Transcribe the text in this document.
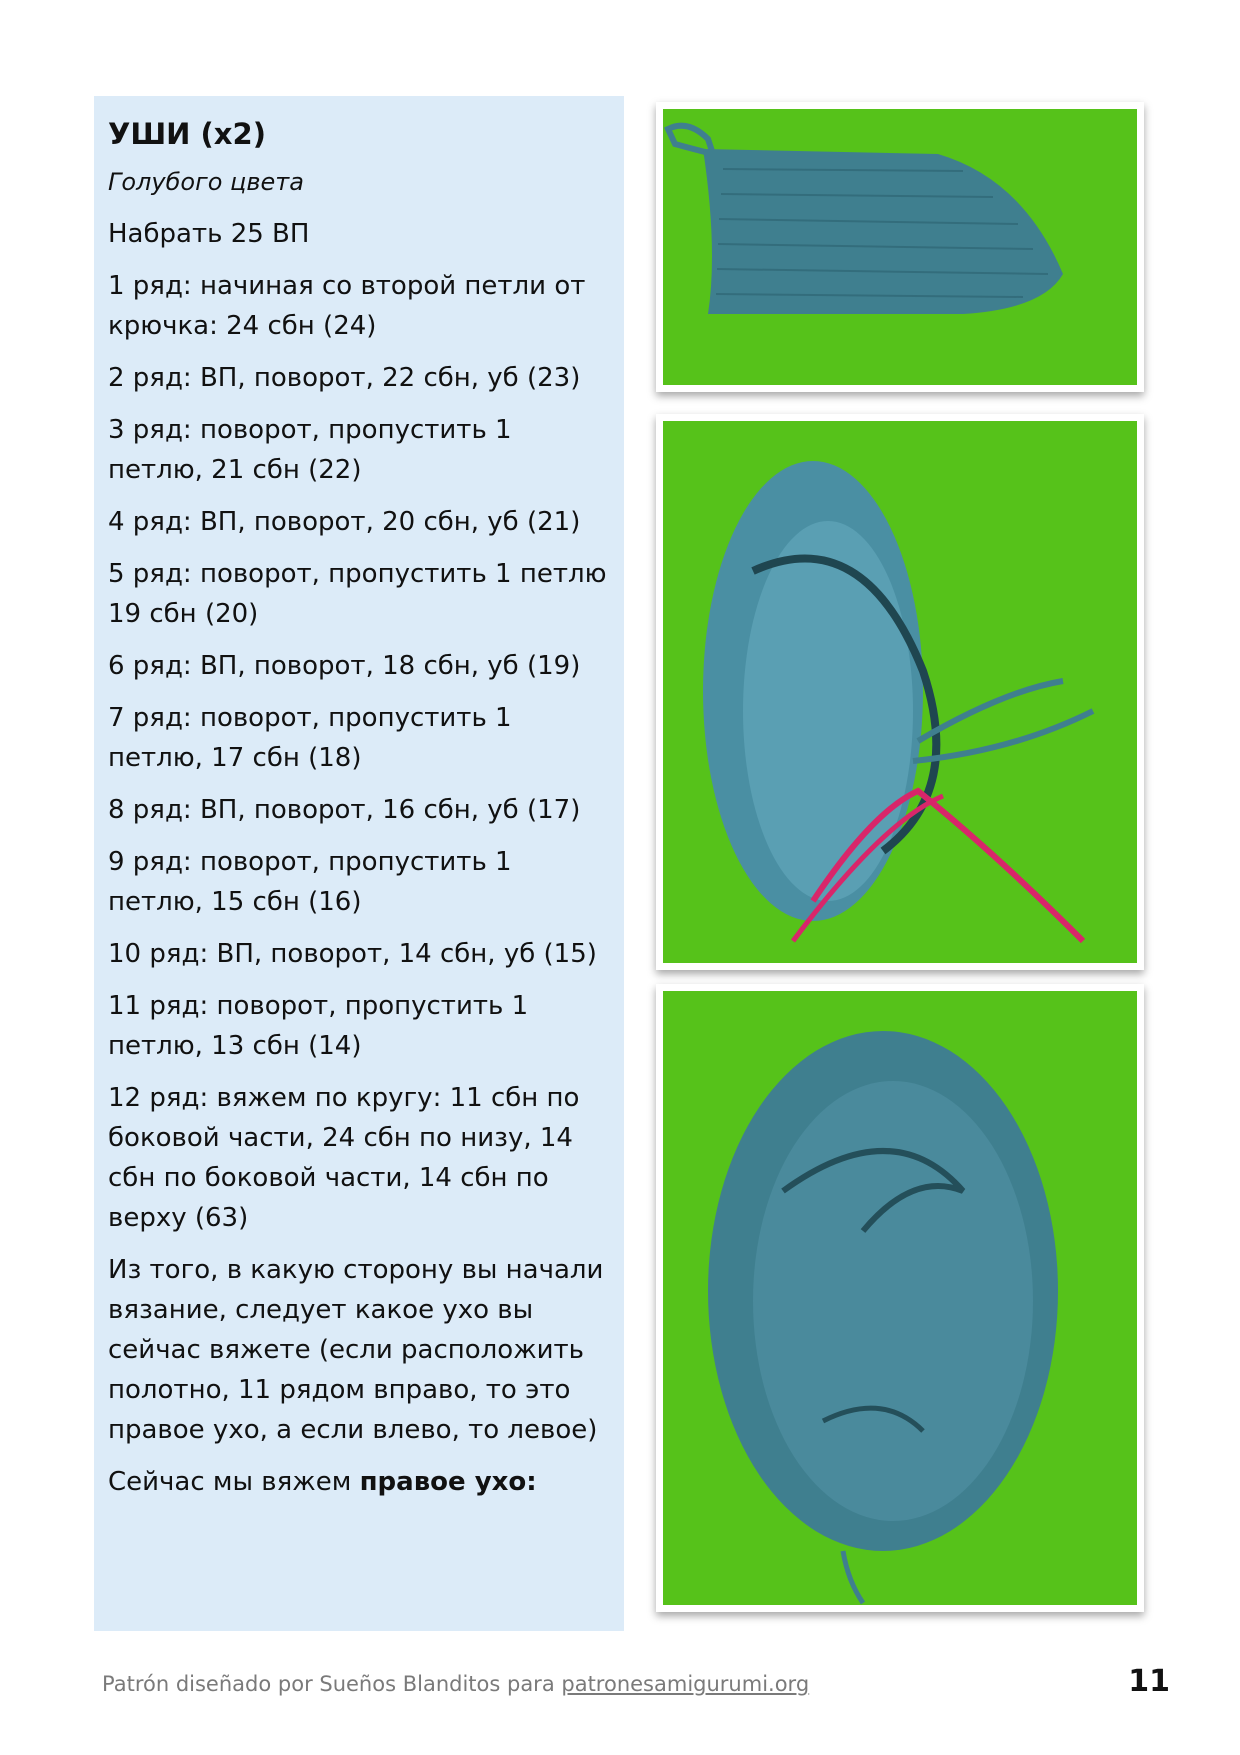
УШИ (x2)
Голубого цвета
Набрать 25 ВП
1 ряд: начиная со второй петли от крючка: 24 сбн (24)
2 ряд: ВП, поворот, 22 сбн, уб (23)
3 ряд: поворот, пропустить 1 петлю, 21 сбн (22)
4 ряд: ВП, поворот, 20 сбн, уб (21)
5 ряд: поворот, пропустить 1 петлю 19 сбн (20)
6 ряд: ВП, поворот, 18 сбн, уб (19)
7 ряд: поворот, пропустить 1 петлю, 17 сбн (18)
8 ряд: ВП, поворот, 16 сбн, уб (17)
9 ряд: поворот, пропустить 1 петлю, 15 сбн (16)
10 ряд: ВП, поворот, 14 сбн, уб (15)
11 ряд: поворот, пропустить 1 петлю, 13 сбн (14)
12 ряд: вяжем по кругу: 11 сбн по боковой части, 24 сбн по низу, 14 сбн по боковой части, 14 сбн по верху (63)
Из того, в какую сторону вы начали вязание, следует какое ухо вы сейчас вяжете (если расположить полотно, 11 рядом вправо, то это правое ухо, а если влево, то левое)
Сейчас мы вяжем правое ухо:
Patrón diseñado por Sueños Blanditos para patronesamigurumi.org	11
